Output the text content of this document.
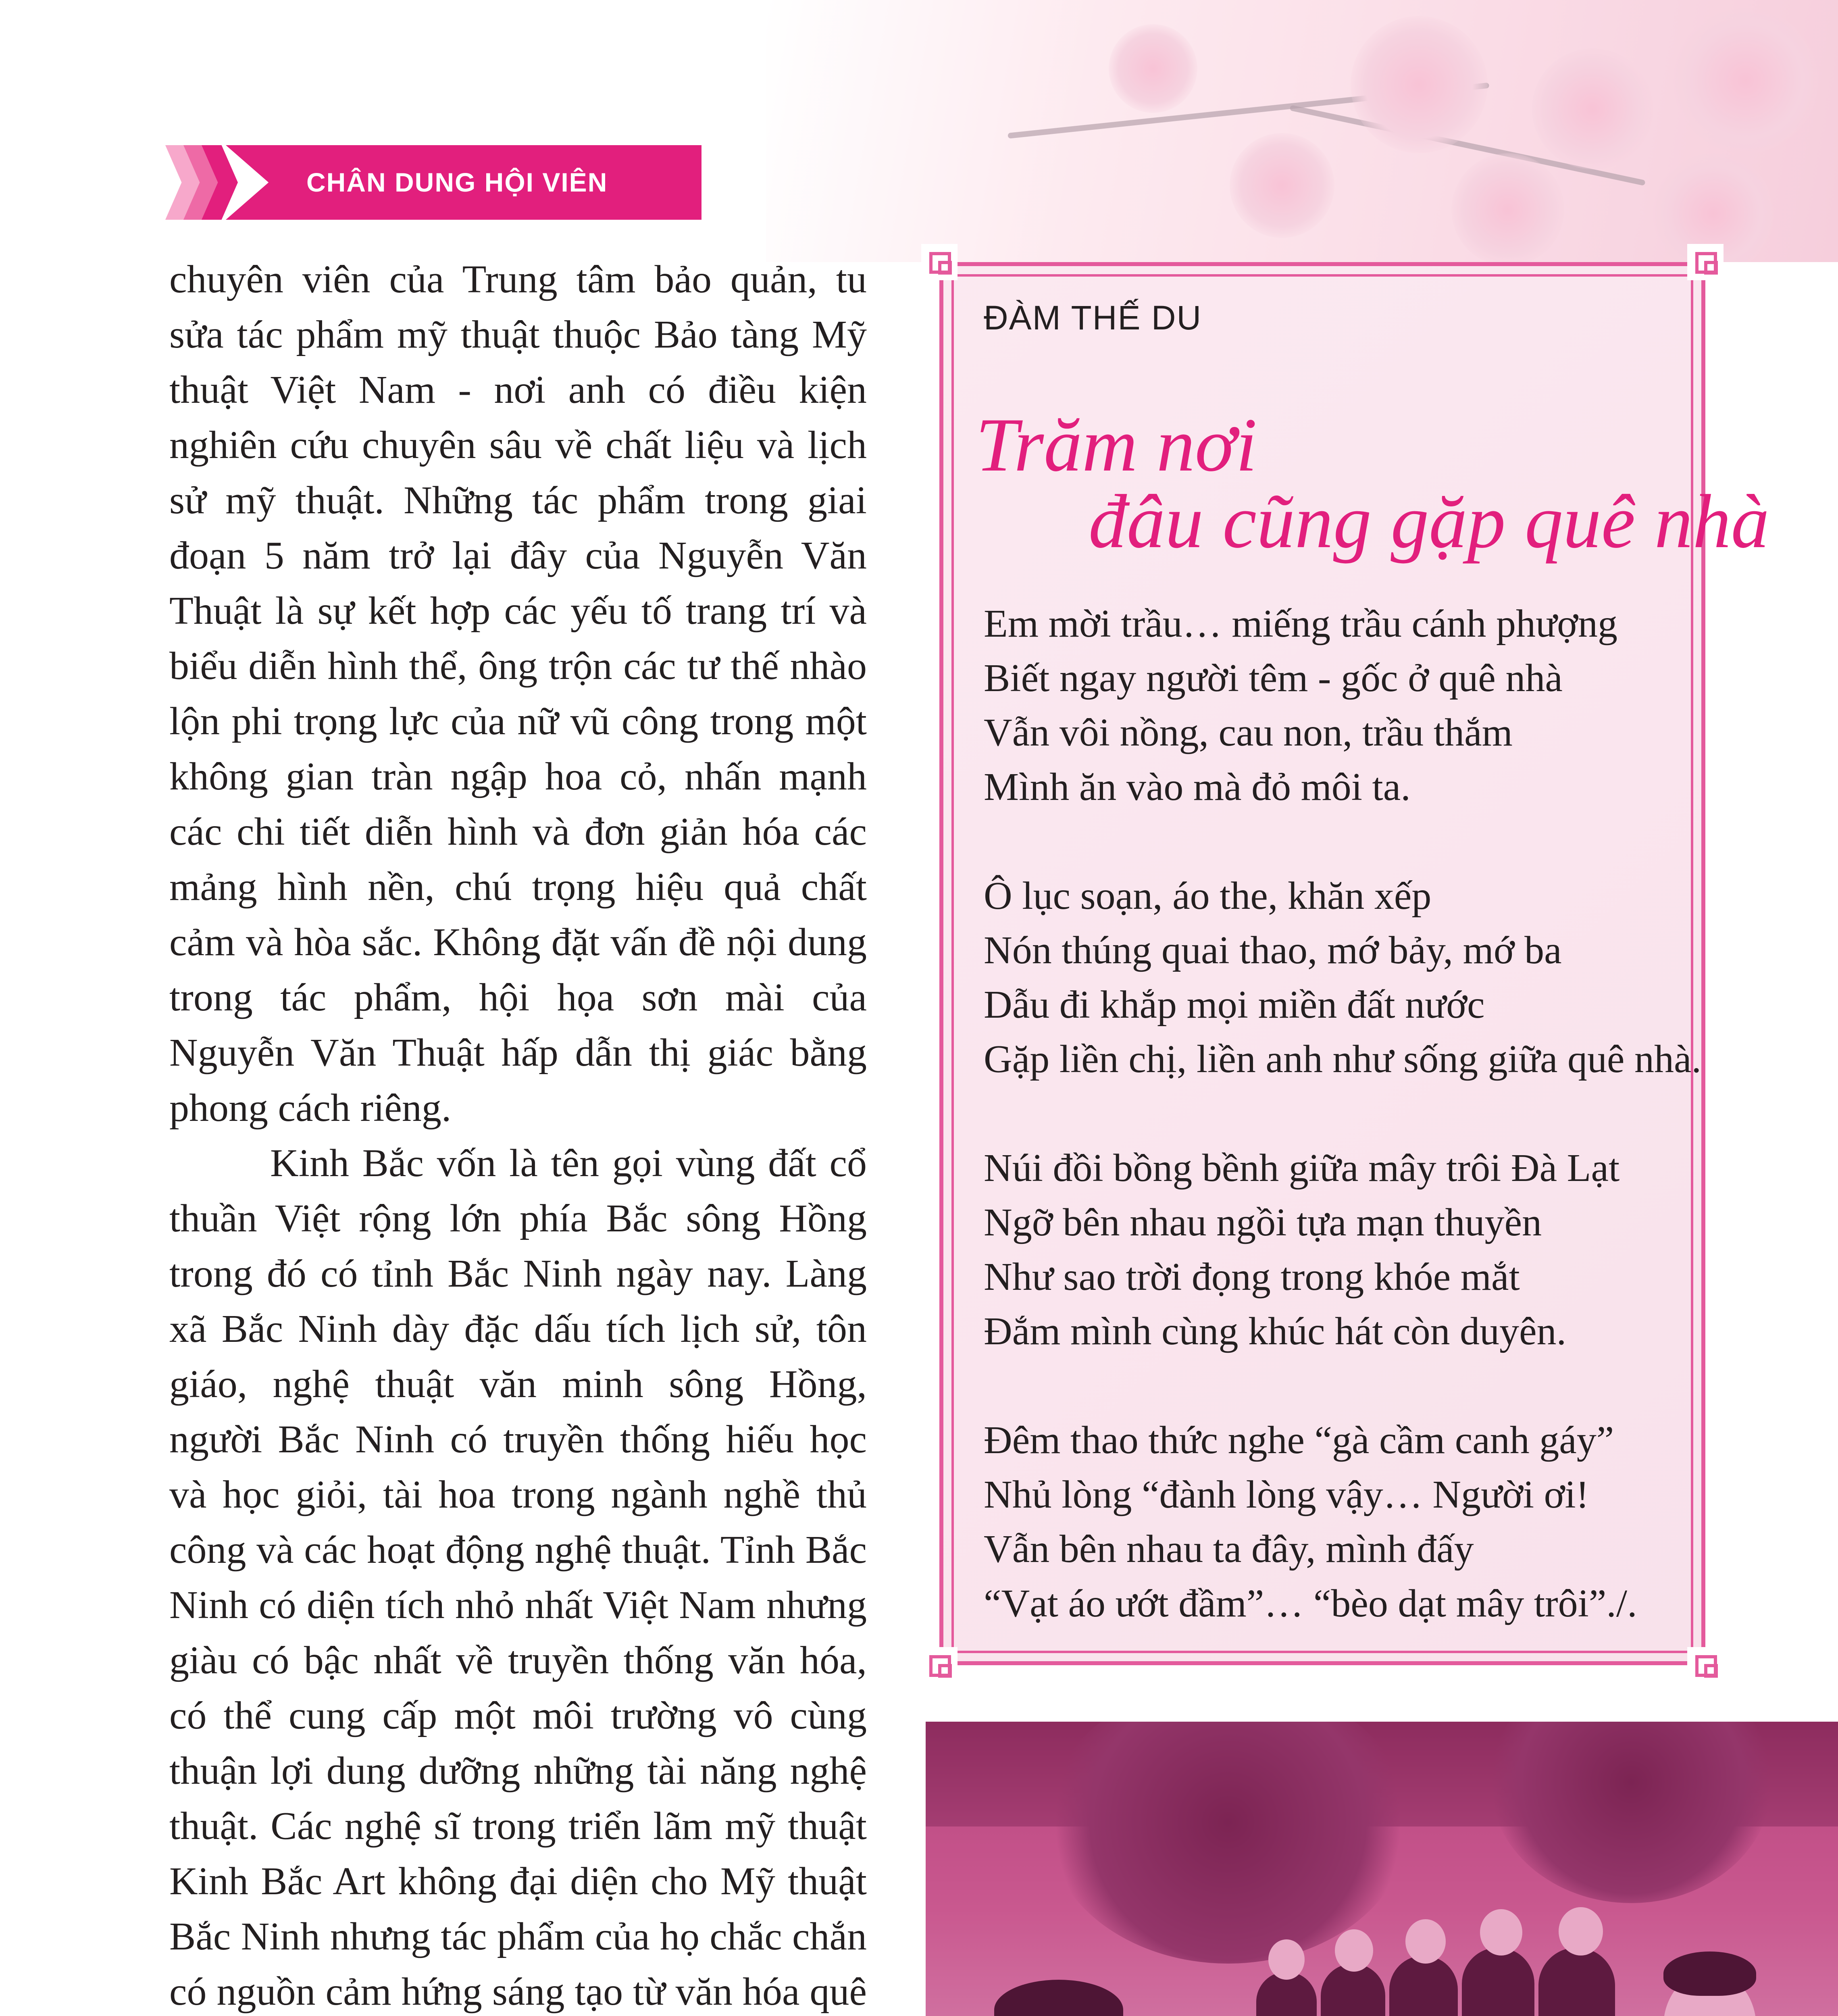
CHÂN DUNG HỘI VIÊN

chuyên viên của Trung tâm bảo quản, tu sửa tác phẩm mỹ thuật thuộc Bảo tàng Mỹ thuật Việt Nam - nơi anh có điều kiện nghiên cứu chuyên sâu về chất liệu và lịch sử mỹ thuật. Những tác phẩm trong giai đoạn 5 năm trở lại đây của Nguyễn Văn Thuật là sự kết hợp các yếu tố trang trí và biểu diễn hình thể, ông trộn các tư thế nhào lộn phi trọng lực của nữ vũ công trong một không gian tràn ngập hoa cỏ, nhấn mạnh các chi tiết diễn hình và đơn giản hóa các mảng hình nền, chú trọng hiệu quả chất cảm và hòa sắc. Không đặt vấn đề nội dung trong tác phẩm, hội họa sơn mài của Nguyễn Văn Thuật hấp dẫn thị giác bằng phong cách riêng.

Kinh Bắc vốn là tên gọi vùng đất cổ thuần Việt rộng lớn phía Bắc sông Hồng trong đó có tỉnh Bắc Ninh ngày nay. Làng xã Bắc Ninh dày đặc dấu tích lịch sử, tôn giáo, nghệ thuật văn minh sông Hồng, người Bắc Ninh có truyền thống hiếu học và học giỏi, tài hoa trong ngành nghề thủ công và các hoạt động nghệ thuật. Tỉnh Bắc Ninh có diện tích nhỏ nhất Việt Nam nhưng giàu có bậc nhất về truyền thống văn hóa, có thể cung cấp một môi trường vô cùng thuận lợi dung dưỡng những tài năng nghệ thuật. Các nghệ sĩ trong triển lãm mỹ thuật Kinh Bắc Art không đại diện cho Mỹ thuật Bắc Ninh nhưng tác phẩm của họ chắc chắn có nguồn cảm hứng sáng tạo từ văn hóa quê

ĐÀM THẾ DU
Trăm nơi
đâu cũng gặp quê nhà
Em mời trầu… miếng trầu cánh phượng
Biết ngay người têm - gốc ở quê nhà
Vẫn vôi nồng, cau non, trầu thắm
Mình ăn vào mà đỏ môi ta.
Ô lục soạn, áo the, khăn xếp
Nón thúng quai thao, mớ bảy, mớ ba
Dẫu đi khắp mọi miền đất nước
Gặp liền chị, liền anh như sống giữa quê nhà.
Núi đồi bồng bềnh giữa mây trôi Đà Lạt
Ngỡ bên nhau ngồi tựa mạn thuyền
Như sao trời đọng trong khóe mắt
Đắm mình cùng khúc hát còn duyên.
Đêm thao thức nghe “gà cầm canh gáy”
Nhủ lòng “đành lòng vậy… Người ơi!
Vẫn bên nhau ta đây, mình đấy
“Vạt áo ướt đầm”… “bèo dạt mây trôi”./.
